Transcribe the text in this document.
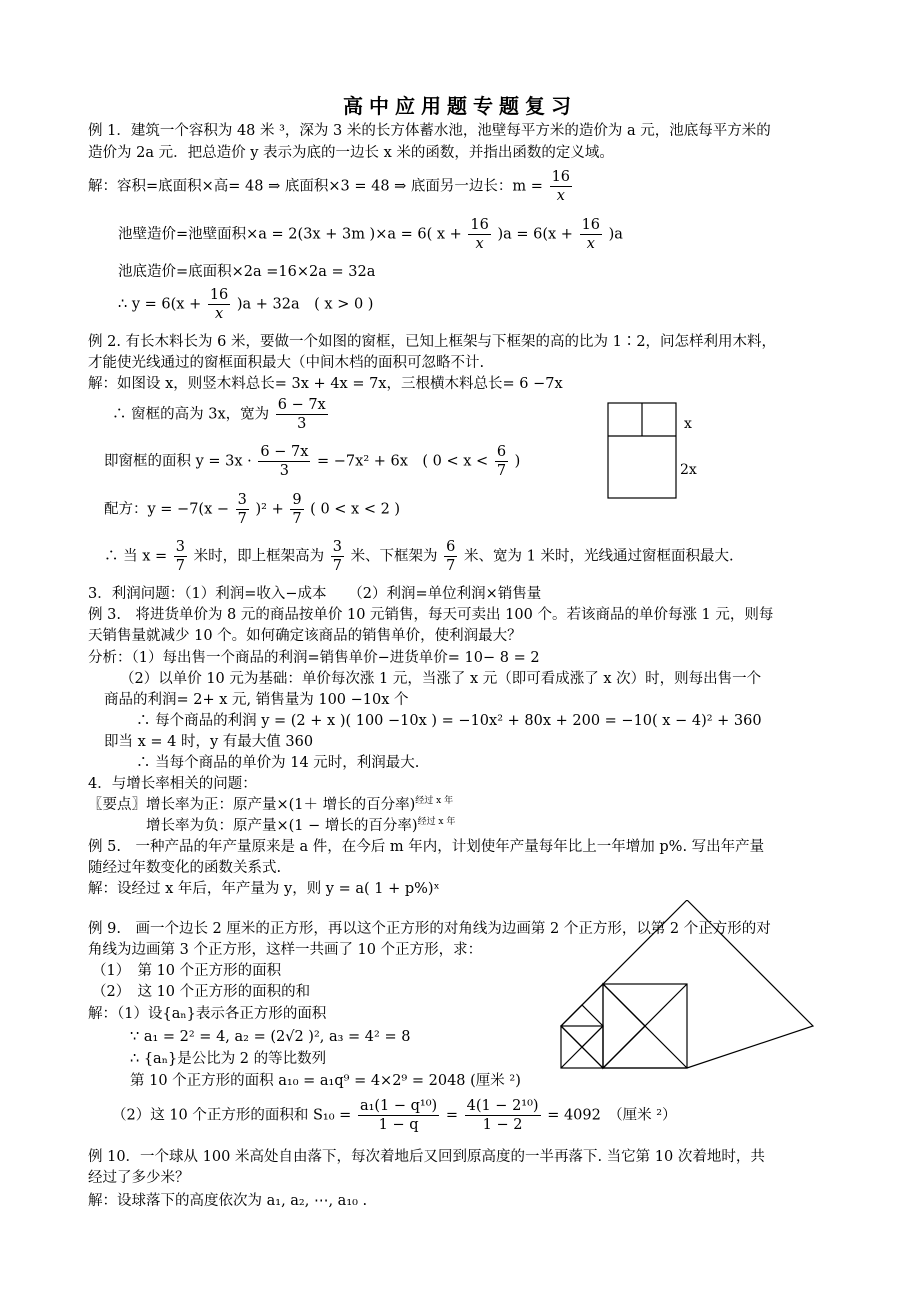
高中应用题专题复习
例 1．建筑一个容积为 48 米 ³，深为 3 米的长方体蓄水池，池壁每平方米的造价为 a 元，池底每平方米的
造价为 2a 元．把总造价 y 表示为底的一边长 x 米的函数，并指出函数的定义域。
解：容积=底面积×高= 48 ⇒ 底面积×3 = 48 ⇒ 底面另一边长：$m = \frac{16}{x}$
池壁造价=池壁面积×a = 2(3x + 3m )×a = 6( $x + \frac{16}{x} )a = 6(x + \frac{16}{x} )a$
池底造价=底面积×2a =16×2a = 32a
∴ $y = 6(x + \frac{16}{x} )a + 32a$　( x > 0 )
例 2. 有长木料长为 6 米，要做一个如图的窗框，已知上框架与下框架的高的比为 1∶2，问怎样利用木料，
才能使光线通过的窗框面积最大（中间木档的面积可忽略不计.
解：如图设 x，则竖木料总长= 3x + 4x = 7x，三根横木料总长= 6 −7x
∴ 窗框的高为 3x，宽为 $\frac{6 - 7x}{3}$
即窗框的面积 $y = 3x \cdot \frac{6 - 7x}{3} = -7x^2 + 6x$　( $0 < x < \frac{6}{7}$ )
配方：$y = -7(x - \frac{3}{7} )^2 + \frac{9}{7}$ ( 0 < x < 2 )
∴ 当 $x = \frac{3}{7}$ 米时，即上框架高为 $\frac{3}{7}$ 米、下框架为 $\frac{6}{7}$ 米、宽为 1 米时，光线通过窗框面积最大.
x
2x
3．利润问题：（1）利润=收入−成本　　（2）利润=单位利润×销售量
例 3.　将进货单价为 8 元的商品按单价 10 元销售，每天可卖出 100 个。若该商品的单价每涨 1 元，则每
天销售量就减少 10 个。如何确定该商品的销售单价，使利润最大？
分析：（1）每出售一个商品的利润=销售单价−进货单价= 10− 8 = 2
（2）以单价 10 元为基础：单价每次涨 1 元，当涨了 x 元（即可看成涨了 x 次）时，则每出售一个
商品的利润= 2+ x 元, 销售量为 100 −10x 个
∴ 每个商品的利润 y = (2 + x )( 100 −10x ) = −10x² + 80x + 200 = −10( x − 4)² + 360
即当 x = 4 时，y 有最大值 360
∴ 当每个商品的单价为 14 元时，利润最大.
4．与增长率相关的问题：
〖要点〗增长率为正：原产量×(1＋ 增长的百分率)$^{经过 x 年}$
增长率为负：原产量×(1 − 增长的百分率)$^{经过 x 年}$
例 5.　一种产品的年产量原来是 a 件，在今后 m 年内，计划使年产量每年比上一年增加 p%. 写出年产量
随经过年数变化的函数关系式.
解：设经过 x 年后，年产量为 y，则 y = a( 1 + p%)ˣ
例 9.　画一个边长 2 厘米的正方形，再以这个正方形的对角线为边画第 2 个正方形，以第 2 个正方形的对
角线为边画第 3 个正方形，这样一共画了 10 个正方形，求：
（1）　第 10 个正方形的面积
（2）　这 10 个正方形的面积的和
解：（1）设{aₙ}表示各正方形的面积
∵ a₁ = 2² = 4, a₂ = (2√2 )², a₃ = 4² = 8
∴ {aₙ}是公比为 2 的等比数列
第 10 个正方形的面积 a₁₀ = a₁q⁹ = 4×2⁹ = 2048 (厘米 ²)
（2）这 10 个正方形的面积和 $S_{10} = \frac{\text{a₁(1 − q¹⁰)}}{1 - q} = \frac{\text{4(1 − 2¹⁰)}}{1 - 2} = 4092$　（厘米 ²）
例 10．一个球从 100 米高处自由落下，每次着地后又回到原高度的一半再落下. 当它第 10 次着地时，共
经过了多少米？
解：设球落下的高度依次为 a₁, a₂, ⋯, a₁₀ .
